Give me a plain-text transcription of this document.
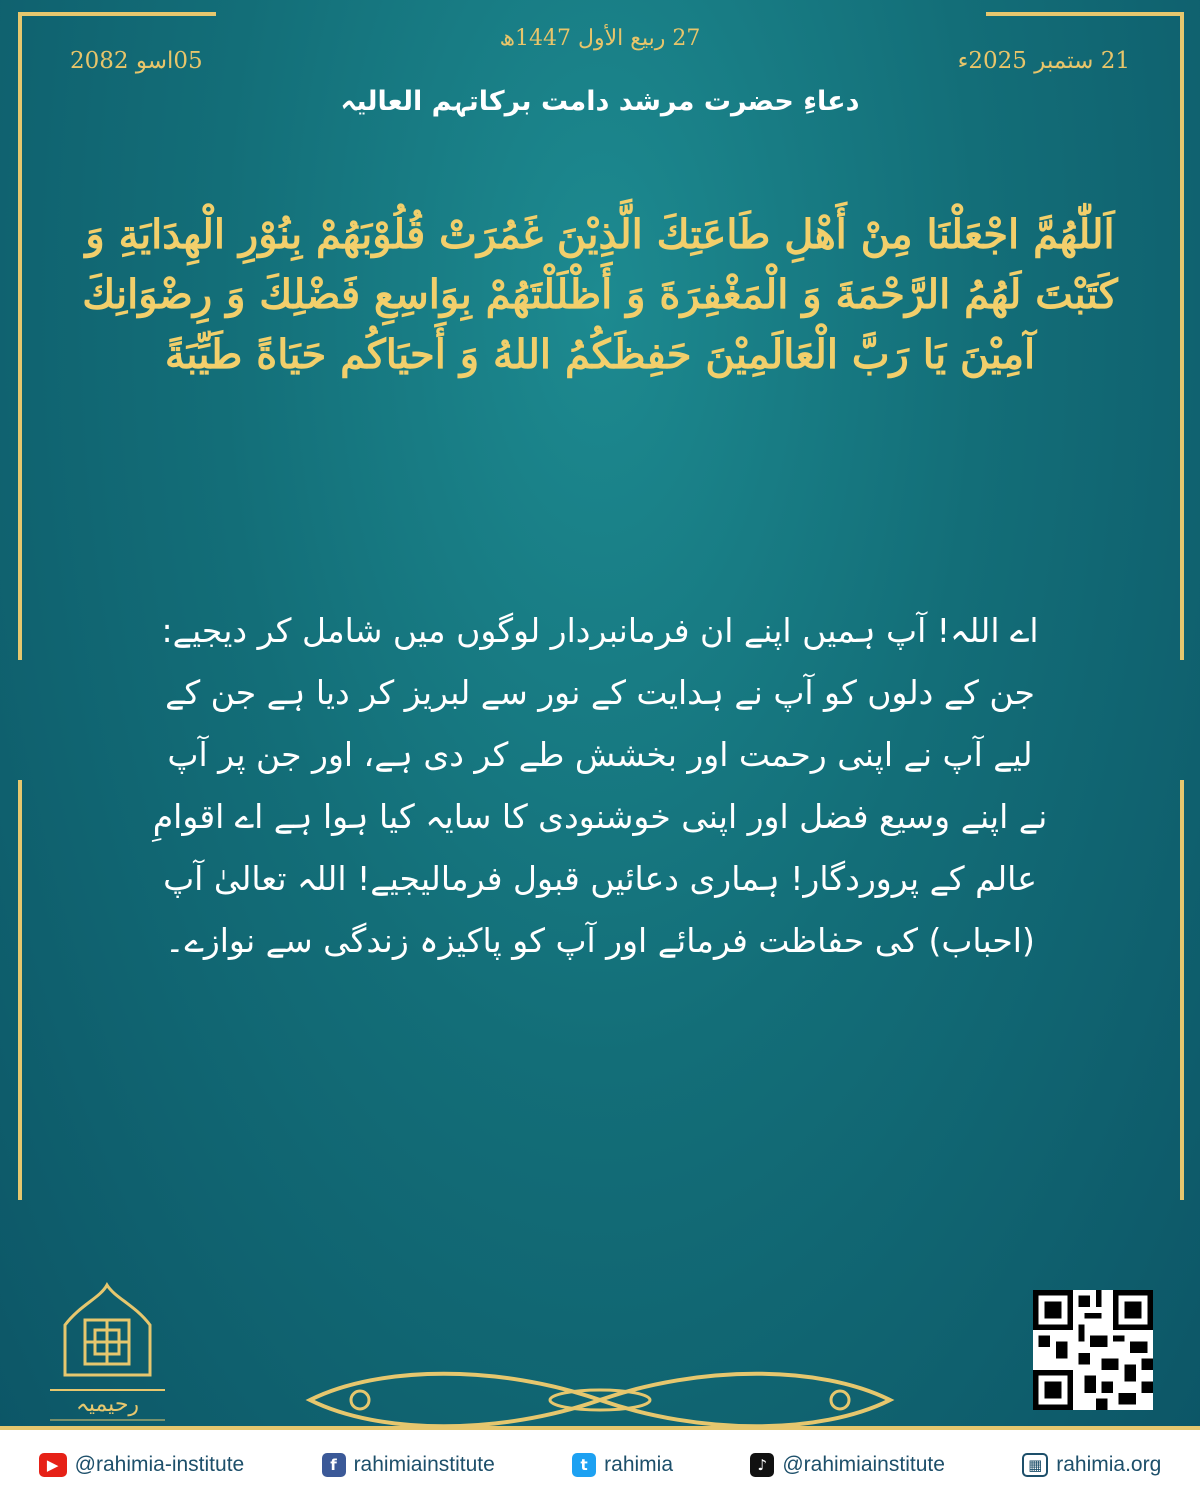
27 ربیع الأول 1447ھ
21 ستمبر 2025ء
05اسو 2082
دعاءِ حضرت مرشد دامت برکاتہم العالیہ
اَللّٰهُمَّ اجْعَلْنَا مِنْ أَهْلِ طَاعَتِكَ الَّذِيْنَ غَمُرَتْ قُلُوْبَهُمْ بِنُوْرِ الْهِدَايَةِ وَ كَتَبْتَ لَهُمُ الرَّحْمَةَ وَ الْمَغْفِرَةَ وَ أَظْلَلْتَهُمْ بِوَاسِعِ فَضْلِكَ وَ رِضْوَانِكَ آمِيْنَ يَا رَبَّ الْعَالَمِيْنَ حَفِظَكُمُ اللهُ وَ أَحيَاكُم حَيَاةً طَيِّبَةً
اے اللہ! آپ ہمیں اپنے ان فرمانبردار لوگوں میں شامل کر دیجیے: جن کے دلوں کو آپ نے ہدایت کے نور سے لبریز کر دیا ہے جن کے لیے آپ نے اپنی رحمت اور بخشش طے کر دی ہے، اور جن پر آپ نے اپنے وسیع فضل اور اپنی خوشنودی کا سایہ کیا ہوا ہے اے اقوامِ عالم کے پروردگار! ہماری دعائیں قبول فرمالیجیے! اللہ تعالیٰ آپ (احباب) کی حفاظت فرمائے اور آپ کو پاکیزہ زندگی سے نوازے۔
رحیمیہ
▶ @rahimia-institute	f rahimiainstitute	t rahimia	♪ @rahimiainstitute	▦ rahimia.org
